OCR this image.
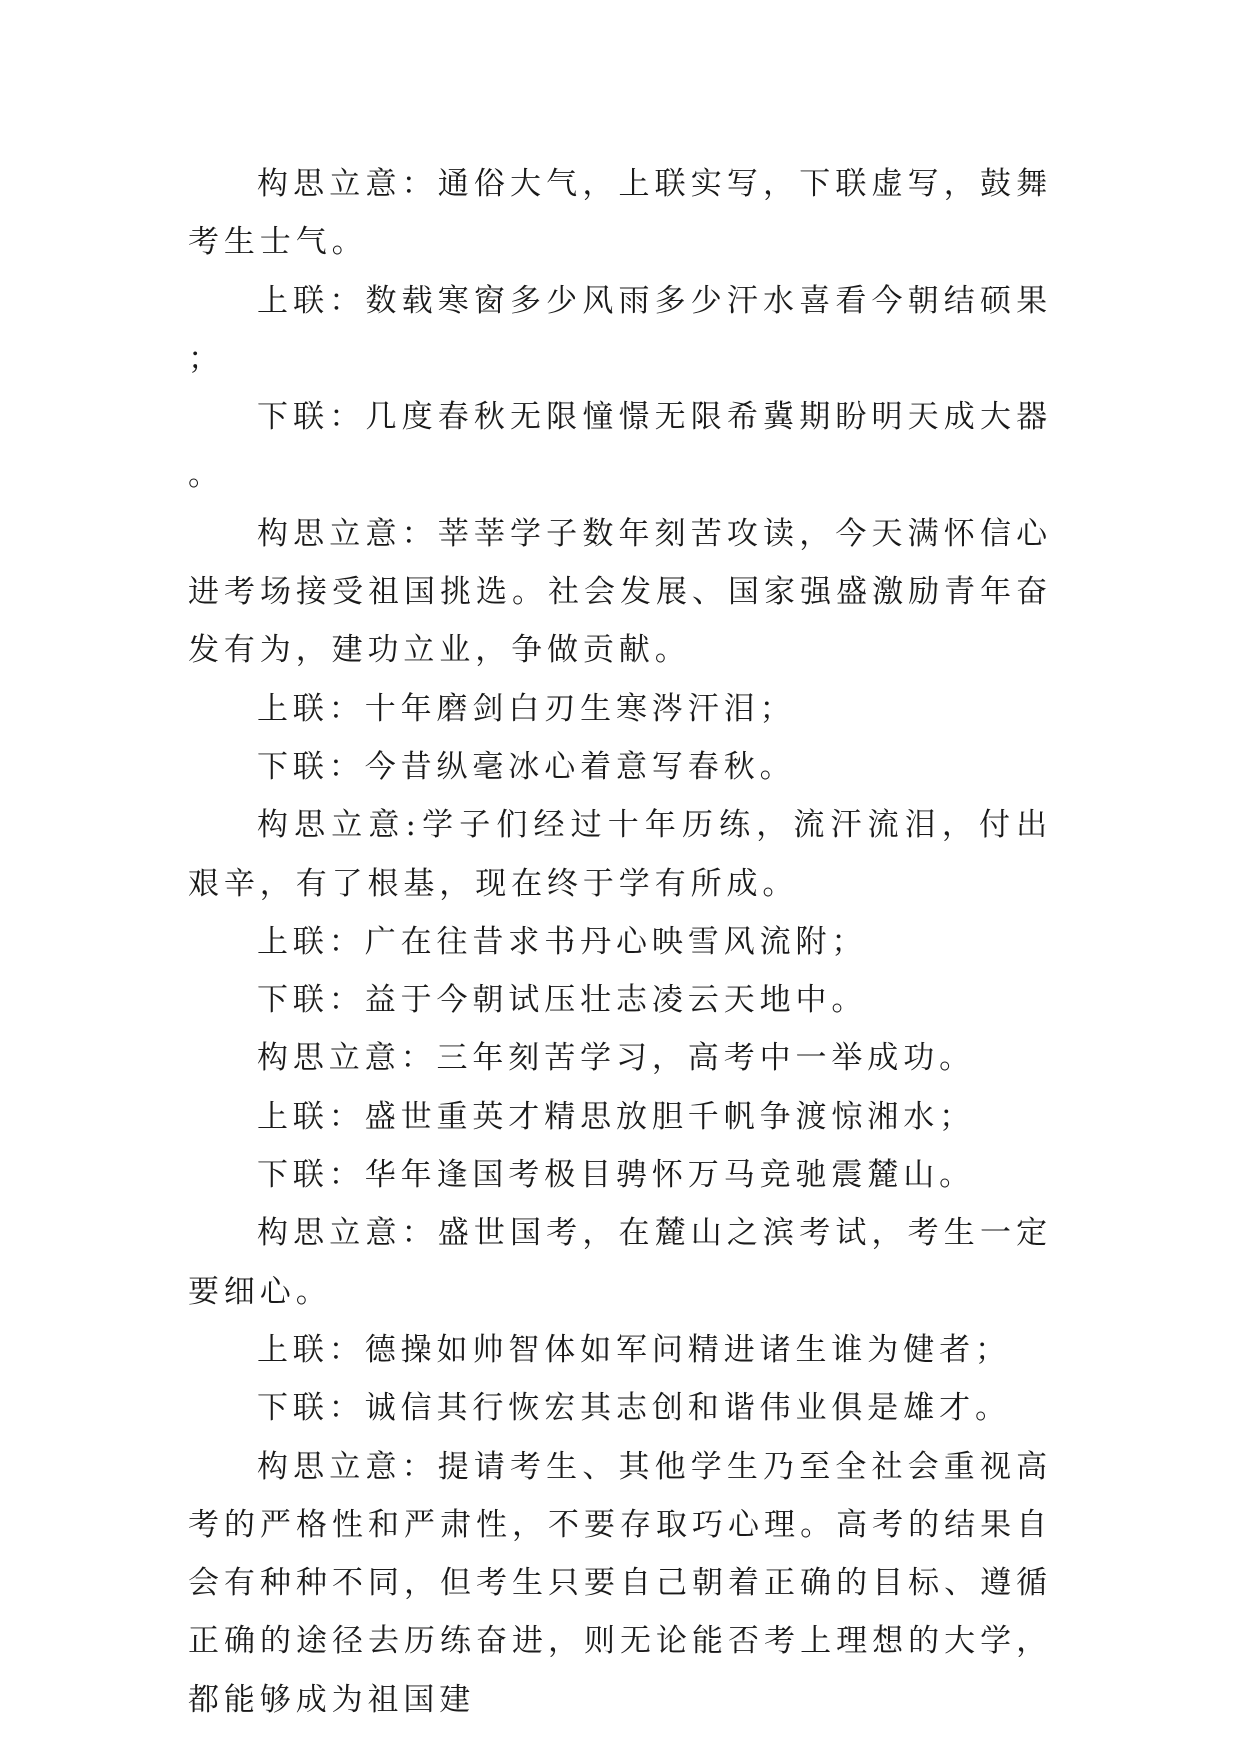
构思立意：通俗大气，上联实写，下联虚写，鼓舞考生士气。

上联：数载寒窗多少风雨多少汗水喜看今朝结硕果；

下联：几度春秋无限憧憬无限希冀期盼明天成大器。

构思立意：莘莘学子数年刻苦攻读，今天满怀信心进考场接受祖国挑选。社会发展、国家强盛激励青年奋发有为，建功立业，争做贡献。

上联：十年磨剑白刃生寒涔汗泪；

下联：今昔纵毫冰心着意写春秋。

构思立意:学子们经过十年历练，流汗流泪，付出艰辛，有了根基，现在终于学有所成。

上联：广在往昔求书丹心映雪风流附；

下联：益于今朝试压壮志凌云天地中。

构思立意：三年刻苦学习，高考中一举成功。

上联：盛世重英才精思放胆千帆争渡惊湘水；

下联：华年逢国考极目骋怀万马竞驰震麓山。

构思立意：盛世国考，在麓山之滨考试，考生一定要细心。

上联：德操如帅智体如军问精进诸生谁为健者；

下联：诚信其行恢宏其志创和谐伟业俱是雄才。

构思立意：提请考生、其他学生乃至全社会重视高考的严格性和严肃性，不要存取巧心理。高考的结果自会有种种不同，但考生只要自己朝着正确的目标、遵循正确的途径去历练奋进，则无论能否考上理想的大学，都能够成为祖国建
